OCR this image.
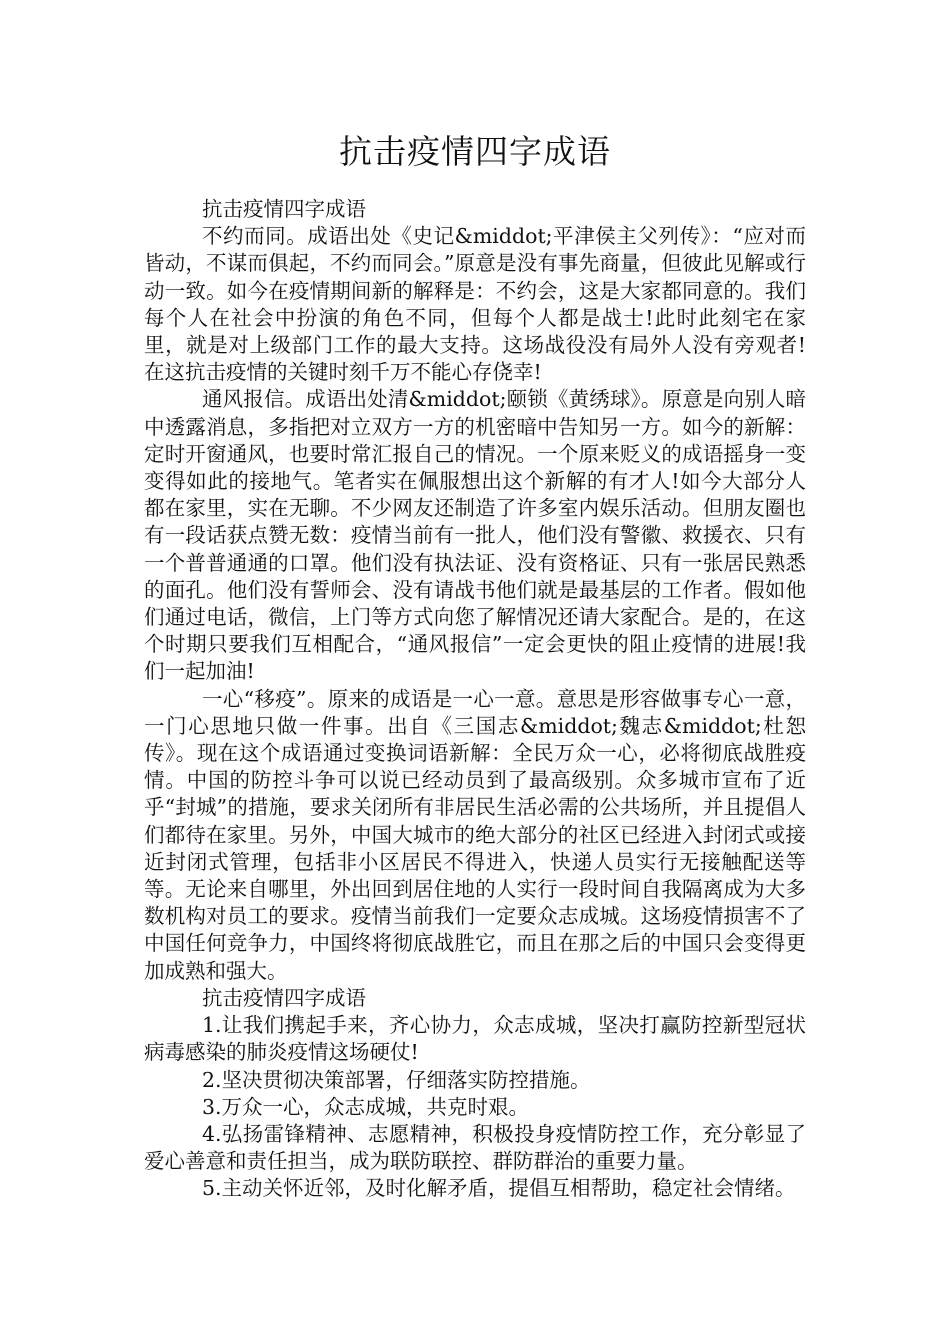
抗击疫情四字成语

抗击疫情四字成语

不约而同。成语出处《史记&middot;平津侯主父列传》：“应对而皆动，不谋而俱起，不约而同会。”原意是没有事先商量，但彼此见解或行动一致。如今在疫情期间新的解释是：不约会，这是大家都同意的。我们每个人在社会中扮演的角色不同，但每个人都是战士!此时此刻宅在家里，就是对上级部门工作的最大支持。这场战役没有局外人没有旁观者!在这抗击疫情的关键时刻千万不能心存侥幸!

通风报信。成语出处清&middot;颐锁《黄绣球》。原意是向别人暗中透露消息，多指把对立双方一方的机密暗中告知另一方。如今的新解：定时开窗通风，也要时常汇报自己的情况。一个原来贬义的成语摇身一变变得如此的接地气。笔者实在佩服想出这个新解的有才人!如今大部分人都在家里，实在无聊。不少网友还制造了许多室内娱乐活动。但朋友圈也有一段话获点赞无数：疫情当前有一批人，他们没有警徽、救援衣、只有一个普普通通的口罩。他们没有执法证、没有资格证、只有一张居民熟悉的面孔。他们没有誓师会、没有请战书他们就是最基层的工作者。假如他们通过电话，微信，上门等方式向您了解情况还请大家配合。是的，在这个时期只要我们互相配合，“通风报信”一定会更快的阻止疫情的进展!我们一起加油!

一心“移疫”。原来的成语是一心一意。意思是形容做事专心一意，一门心思地只做一件事。出自《三国志&middot;魏志&middot;杜恕传》。现在这个成语通过变换词语新解：全民万众一心，必将彻底战胜疫情。中国的防控斗争可以说已经动员到了最高级别。众多城市宣布了近乎“封城”的措施，要求关闭所有非居民生活必需的公共场所，并且提倡人们都待在家里。另外，中国大城市的绝大部分的社区已经进入封闭式或接近封闭式管理，包括非小区居民不得进入，快递人员实行无接触配送等等。无论来自哪里，外出回到居住地的人实行一段时间自我隔离成为大多数机构对员工的要求。疫情当前我们一定要众志成城。这场疫情损害不了中国任何竞争力，中国终将彻底战胜它，而且在那之后的中国只会变得更加成熟和强大。

抗击疫情四字成语

1.让我们携起手来，齐心协力，众志成城，坚决打赢防控新型冠状病毒感染的肺炎疫情这场硬仗!

2.坚决贯彻决策部署，仔细落实防控措施。

3.万众一心，众志成城，共克时艰。

4.弘扬雷锋精神、志愿精神，积极投身疫情防控工作，充分彰显了爱心善意和责任担当，成为联防联控、群防群治的重要力量。

5.主动关怀近邻，及时化解矛盾，提倡互相帮助，稳定社会情绪。
